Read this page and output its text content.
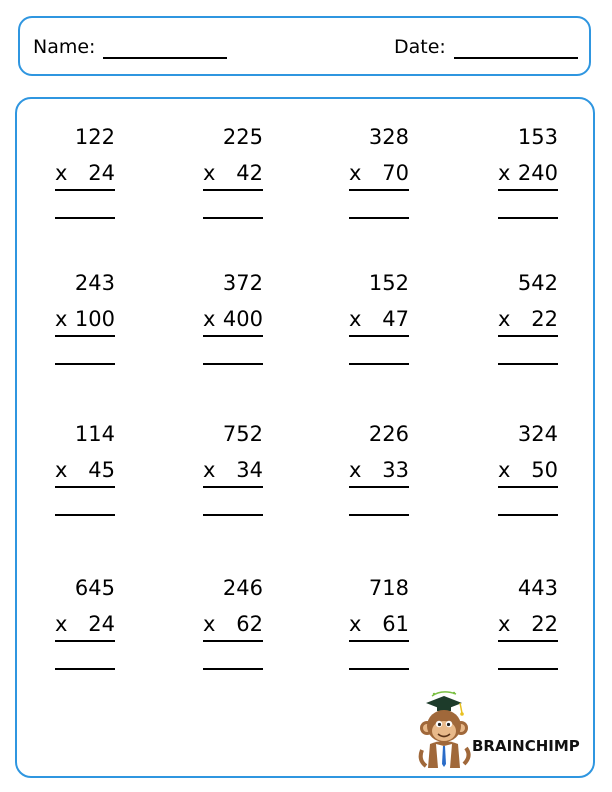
Name:	Date:
122
x 24
225
x 42
328
x 70
153
x 240
243
x 100
372
x 400
152
x 47
542
x 22
114
x 45
752
x 34
226
x 33
324
x 50
645
x 24
246
x 62
718
x 61
443
x 22
BRAINCHIMP
